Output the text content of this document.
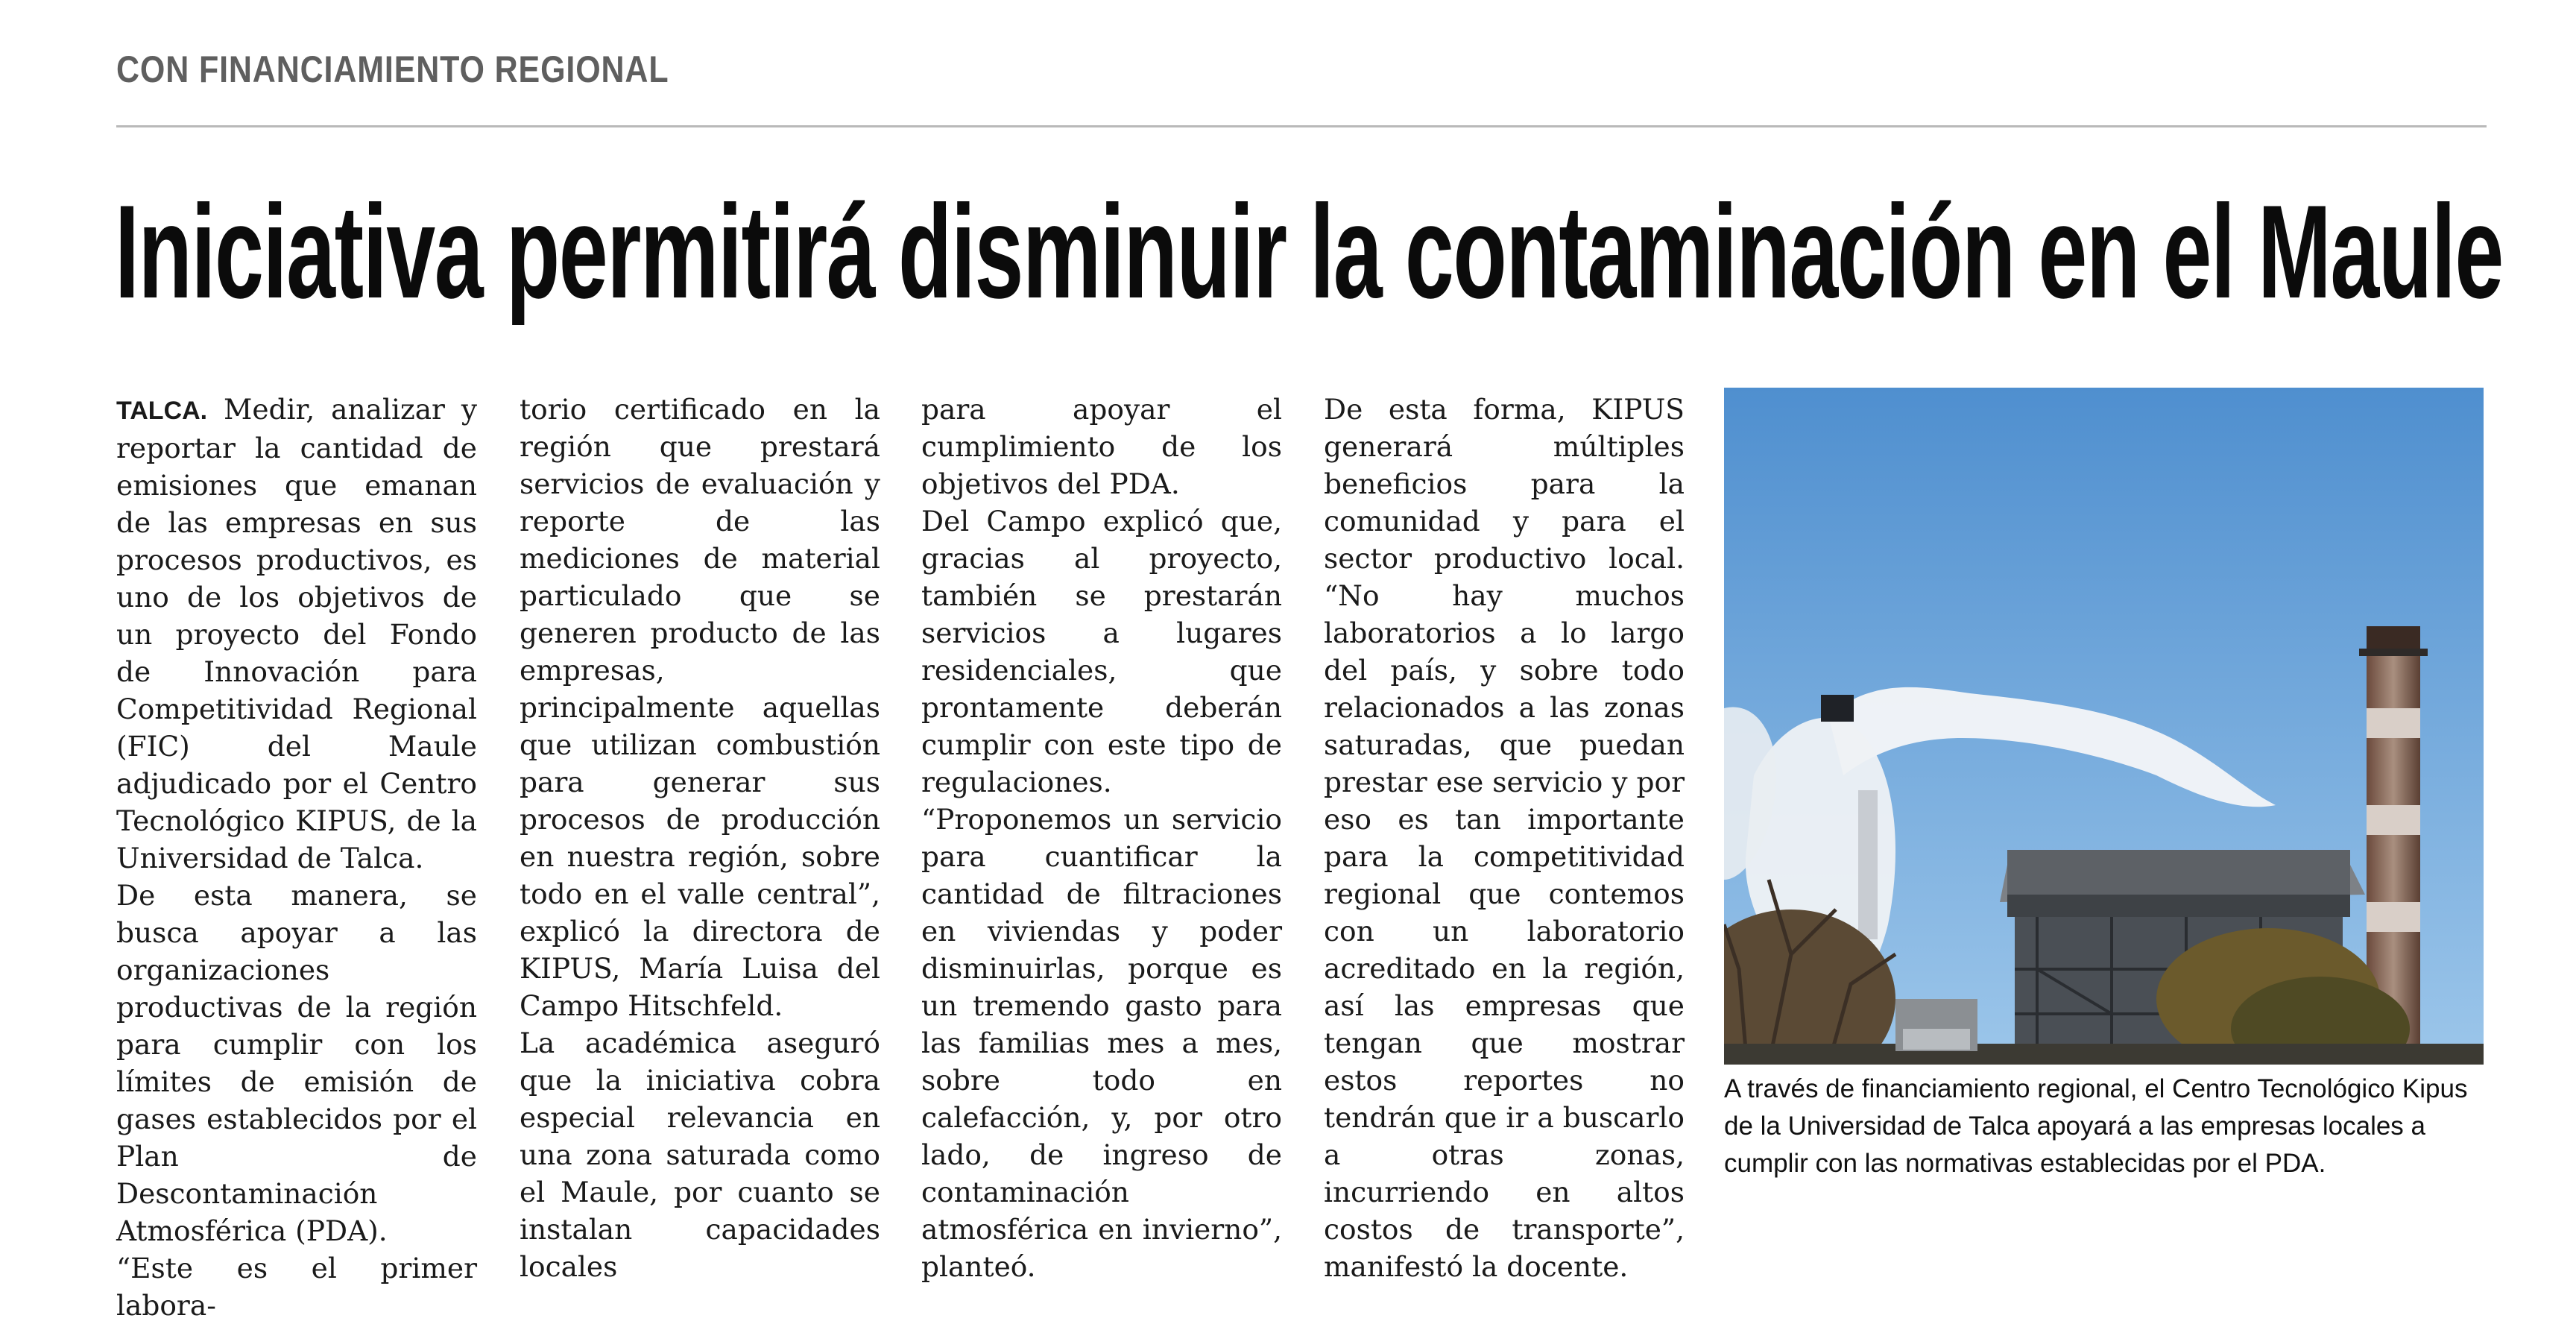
CON FINANCIAMIENTO REGIONAL
Iniciativa permitirá disminuir la contaminación en el Maule
TALCA. Medir, analizar y reportar la cantidad de emisiones que emanan de las empresas en sus procesos productivos, es uno de los objetivos de un proyecto del Fondo de Innovación para Competitividad Regional (FIC) del Maule adjudicado por el Centro Tecnológico KIPUS, de la Universidad de Talca.
De esta manera, se busca apoyar a las organizaciones productivas de la región para cumplir con los límites de emisión de gases establecidos por el Plan de Descontaminación Atmosférica (PDA).
“Este es el primer labora-

torio certificado en la región que prestará servicios de evaluación y reporte de las mediciones de material particulado que se generen producto de las empresas, principalmente aquellas que utilizan combustión para generar sus procesos de producción en nuestra región, sobre todo en el valle central”, explicó la directora de KIPUS, María Luisa del Campo Hitschfeld.

La académica aseguró que la iniciativa cobra especial relevancia en una zona saturada como el Maule, por cuanto se instalan capacidades locales

para apoyar el cumplimiento de los objetivos del PDA.

Del Campo explicó que, gracias al proyecto, también se prestarán servicios a lugares residenciales, que prontamente deberán cumplir con este tipo de regulaciones.

“Proponemos un servicio para cuantificar la cantidad de filtraciones en viviendas y poder disminuirlas, porque es un tremendo gasto para las familias mes a mes, sobre todo en calefacción, y, por otro lado, de ingreso de contaminación atmosférica en invierno”, planteó.

De esta forma, KIPUS generará múltiples beneficios para la comunidad y para el sector productivo local. “No hay muchos laboratorios a lo largo del país, y sobre todo relacionados a las zonas saturadas, que puedan prestar ese servicio y por eso es tan importante para la competitividad regional que contemos con un laboratorio acreditado en la región, así las empresas que tengan que mostrar estos reportes no tendrán que ir a buscarlo a otras zonas, incurriendo en altos costos de transporte”, manifestó la docente.

A través de financiamiento regional, el Centro Tecnológico Kipus de la Universidad de Talca apoyará a las empresas locales a cumplir con las normativas establecidas por el PDA.
